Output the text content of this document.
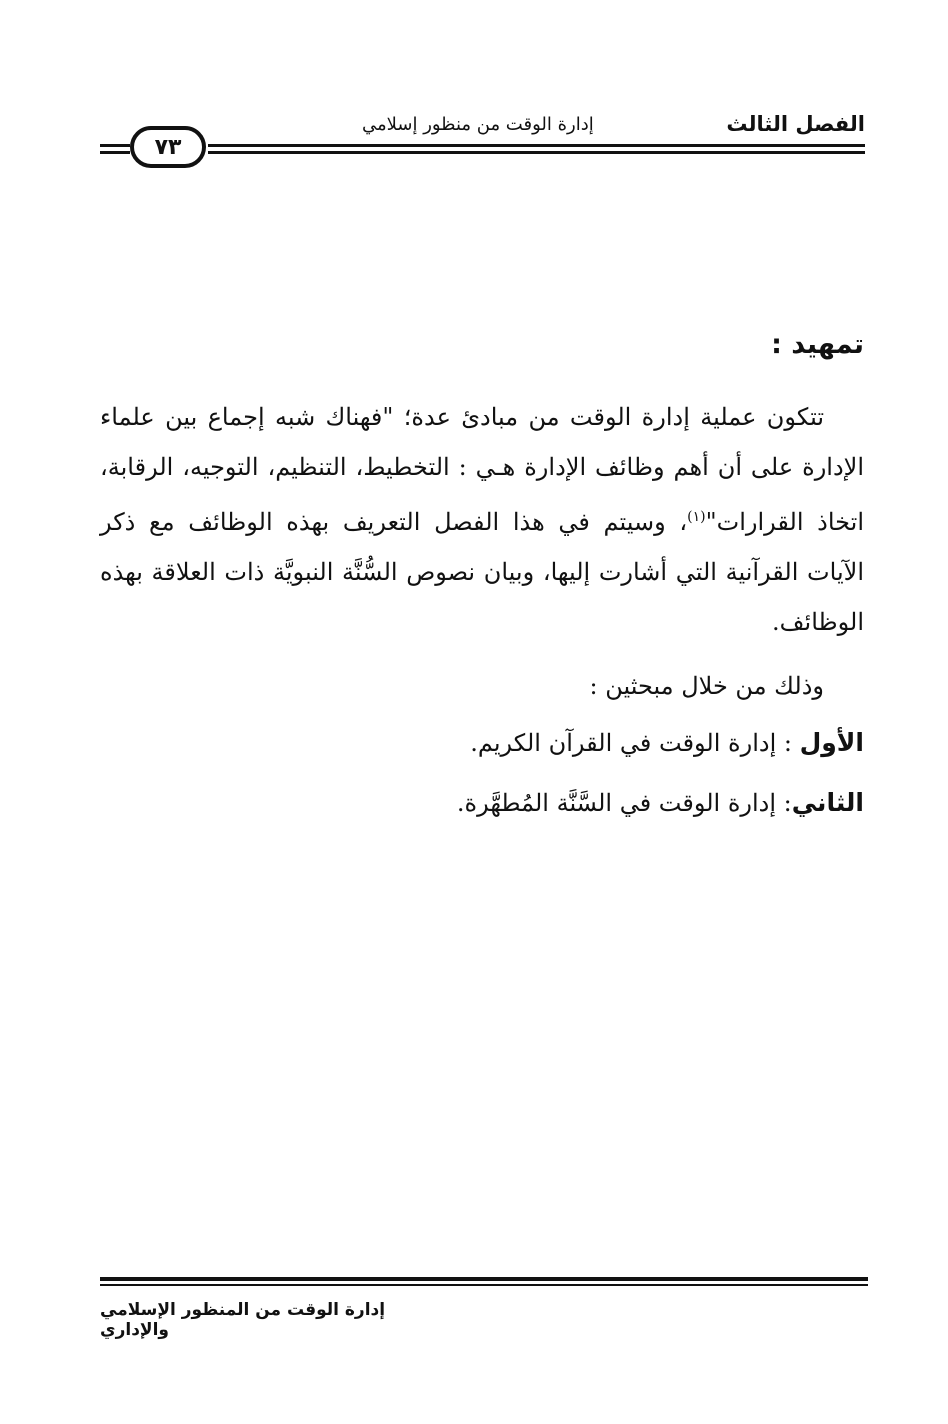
الفصل الثالث
إدارة الوقت من منظور إسلامي
٧٣
تمهيد :

تتكون عملية إدارة الوقت من مبادئ عدة؛ "فهناك شبه إجماع بين علماء الإدارة على أن أهم وظائف الإدارة هـي : التخطيط، التنظيم، التوجيه، الرقابة، اتخاذ القرارات"$^{(١)}$، وسيتم في هذا الفصل التعريف بهذه الوظائف مع ذكر الآيات القرآنية التي أشارت إليها، وبيان نصوص السُّنَّة النبويَّة ذات العلاقة بهذه الوظائف.

وذلك من خلال مبحثين :

الأول : إدارة الوقت في القرآن الكريم.

الثاني: إدارة الوقت في السَّنَّة المُطهَّرة.

إدارة الوقت من المنظور الإسلامي والإداري
